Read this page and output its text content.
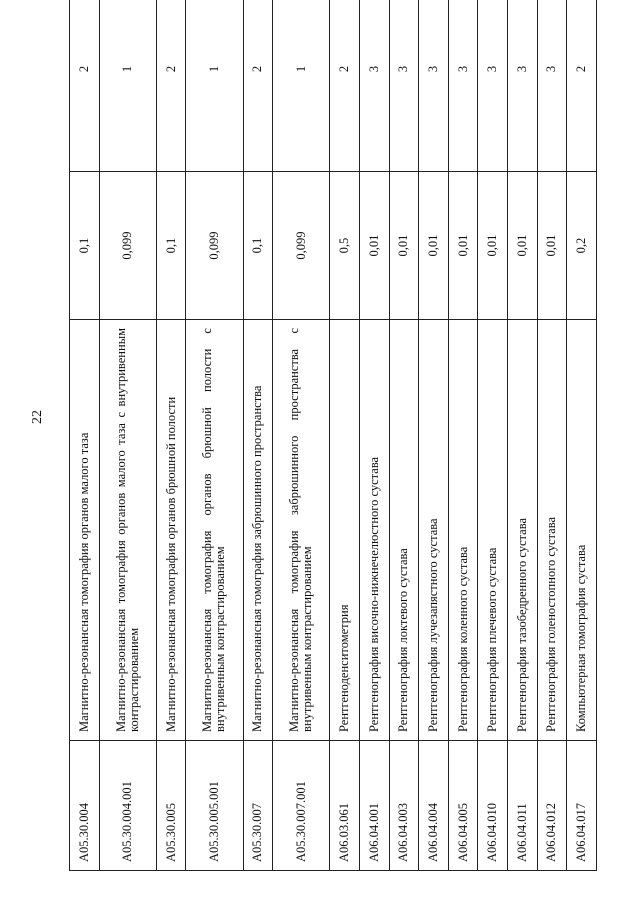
22
A05.30.004	Магнитно-резонансная томография органов малого таза	0,1	2
A05.30.004.001	Магнитно-резонансная томография органов малого таза с внутривенным контрастированием	0,099	1
A05.30.005	Магнитно-резонансная томография органов брюшной полости	0,1	2
A05.30.005.001	Магнитно-резонансная томография органов брюшной полости с внутривенным контрастированием	0,099	1
A05.30.007	Магнитно-резонансная томография забрюшинного пространства	0,1	2
A05.30.007.001	Магнитно-резонансная томография забрюшинного пространства с внутривенным контрастированием	0,099	1
A06.03.061	Рентгеноденситометрия	0,5	2
A06.04.001	Рентгенография височно-нижнечелюстного сустава	0,01	3
A06.04.003	Рентгенография локтевого сустава	0,01	3
A06.04.004	Рентгенография лучезапястного сустава	0,01	3
A06.04.005	Рентгенография коленного сустава	0,01	3
A06.04.010	Рентгенография плечевого сустава	0,01	3
A06.04.011	Рентгенография тазобедренного сустава	0,01	3
A06.04.012	Рентгенография голеностопного сустава	0,01	3
A06.04.017	Компьютерная томография сустава	0,2	2
